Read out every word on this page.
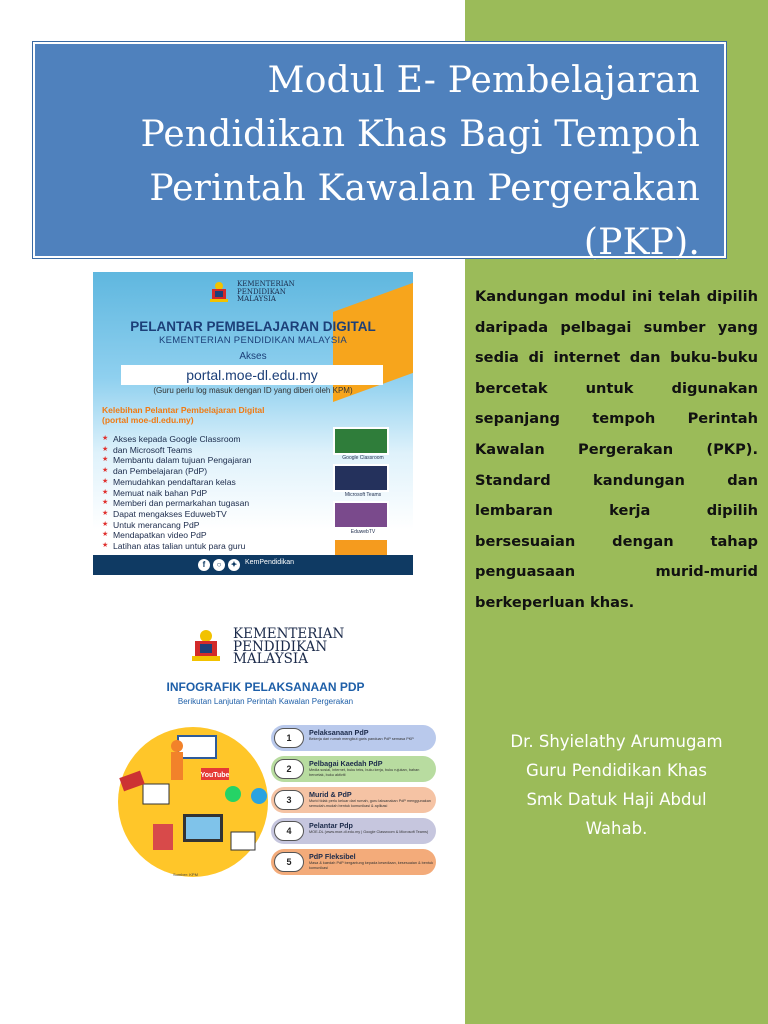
Modul E- Pembelajaran
Pendidikan Khas Bagi Tempoh
Perintah Kawalan Pergerakan
(PKP).
KEMENTERIAN
PENDIDIKAN
MALAYSIA
PELANTAR PEMBELAJARAN DIGITAL
KEMENTERIAN PENDIDIKAN MALAYSIA
Akses
portal.moe-dl.edu.my
(Guru perlu log masuk dengan ID yang diberi oleh KPM)
Kelebihan Pelantar Pembelajaran Digital
(portal moe-dl.edu.my)
★ Akses kepada Google Classroom
★ dan Microsoft Teams
★ Membantu dalam tujuan Pengajaran
★ dan Pembelajaran (PdP)
★ Memudahkan pendaftaran kelas
★ Memuat naik bahan PdP
★ Memberi dan permarkahan tugasan
★ Dapat mengakses EduwebTV
★ Untuk merancang PdP
★ Mendapatkan video PdP
★ Latihan atas talian untuk para guru
Google Classroom
Microsoft Teams
EduwebTV
f	○	✦	KemPendidikan
KEMENTERIAN
PENDIDIKAN
MALAYSIA
INFOGRAFIK PELAKSANAAN PDP
Berikutan Lanjutan Perintah Kawalan Pergerakan
YouTube
1
Pelaksanaan PdP
Bekerja dari rumah mengikut garis panduan PdP semasa PKP
2
Pelbagai Kaedah PdP
Media sosial, internet, buku teks, buku kerja, buku rujukan, bahan bercetak, buku aktiviti
3
Murid & PdP
Murid tidak perlu keluar dari rumah, guru laksanakan PdP menggunakan semudah-mudah bentuk komunikasi & aplikasi
4
Pelantar Pdp
MOE-DL (www.moe-dl.edu.my | Google Classroom & Microsoft Teams)
5
PdP Fleksibel
Masa & kaedah PdP bergantung kepada kesediaan, kesesuaian & bentuk komunikasi
Sumber: KPM
Kandungan modul ini telah dipilih daripada pelbagai sumber yang sedia di internet dan buku-buku bercetak untuk digunakan sepanjang tempoh Perintah Kawalan Pergerakan (PKP). Standard kandungan dan lembaran kerja dipilih bersesuaian dengan tahap penguasaan murid-murid berkeperluan khas.
Dr. Shyielathy Arumugam
Guru Pendidikan Khas
Smk Datuk Haji Abdul
Wahab.
